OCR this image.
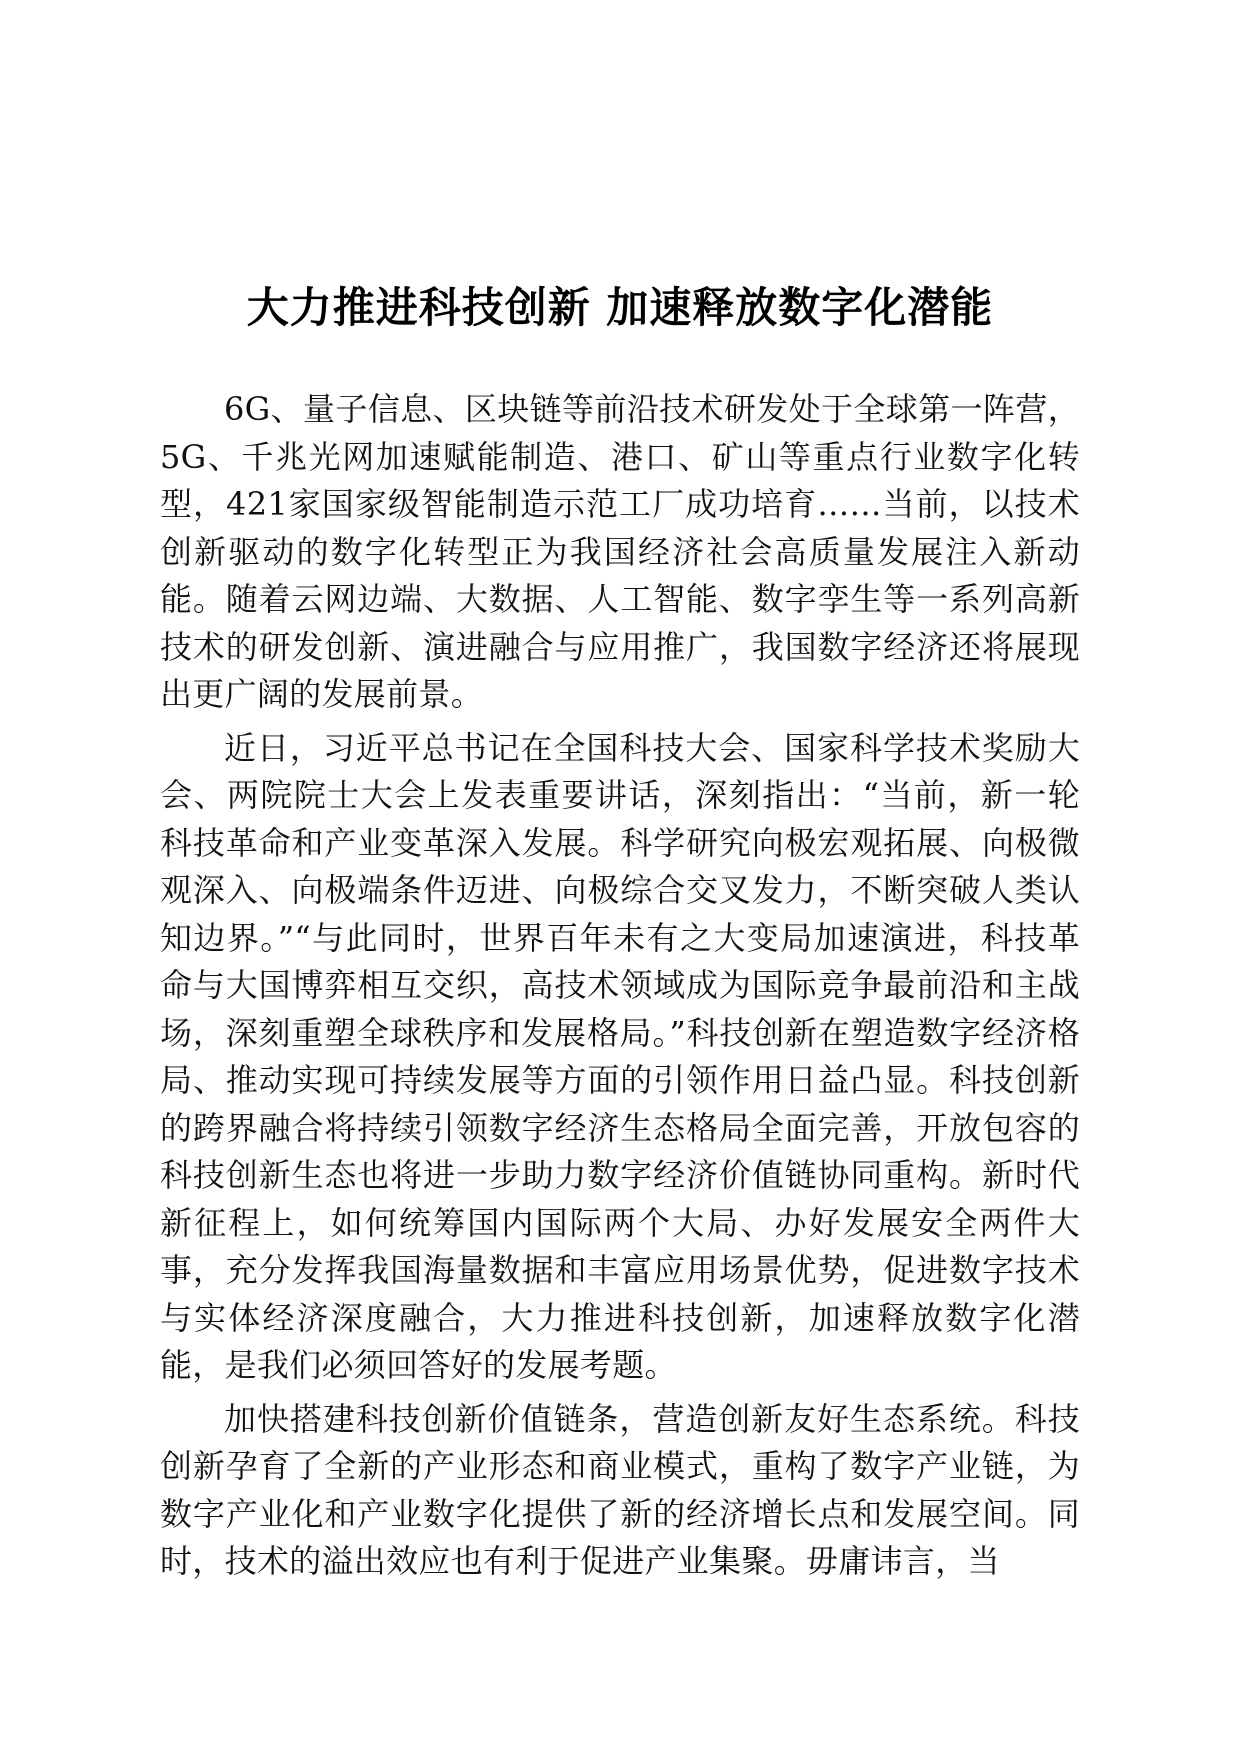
大力推进科技创新 加速释放数字化潜能

6G、量子信息、区块链等前沿技术研发处于全球第一阵营，5G、千兆光网加速赋能制造、港口、矿山等重点行业数字化转型，421家国家级智能制造示范工厂成功培育……当前，以技术创新驱动的数字化转型正为我国经济社会高质量发展注入新动能。随着云网边端、大数据、人工智能、数字孪生等一系列高新技术的研发创新、演进融合与应用推广，我国数字经济还将展现出更广阔的发展前景。

近日，习近平总书记在全国科技大会、国家科学技术奖励大会、两院院士大会上发表重要讲话，深刻指出：“当前，新一轮科技革命和产业变革深入发展。科学研究向极宏观拓展、向极微观深入、向极端条件迈进、向极综合交叉发力，不断突破人类认知边界。”“与此同时，世界百年未有之大变局加速演进，科技革命与大国博弈相互交织，高技术领域成为国际竞争最前沿和主战场，深刻重塑全球秩序和发展格局。”科技创新在塑造数字经济格局、推动实现可持续发展等方面的引领作用日益凸显。科技创新的跨界融合将持续引领数字经济生态格局全面完善，开放包容的科技创新生态也将进一步助力数字经济价值链协同重构。新时代新征程上，如何统筹国内国际两个大局、办好发展安全两件大事，充分发挥我国海量数据和丰富应用场景优势，促进数字技术与实体经济深度融合，大力推进科技创新，加速释放数字化潜能，是我们必须回答好的发展考题。

加快搭建科技创新价值链条，营造创新友好生态系统。科技创新孕育了全新的产业形态和商业模式，重构了数字产业链，为数字产业化和产业数字化提供了新的经济增长点和发展空间。同时，技术的溢出效应也有利于促进产业集聚。毋庸讳言，当
